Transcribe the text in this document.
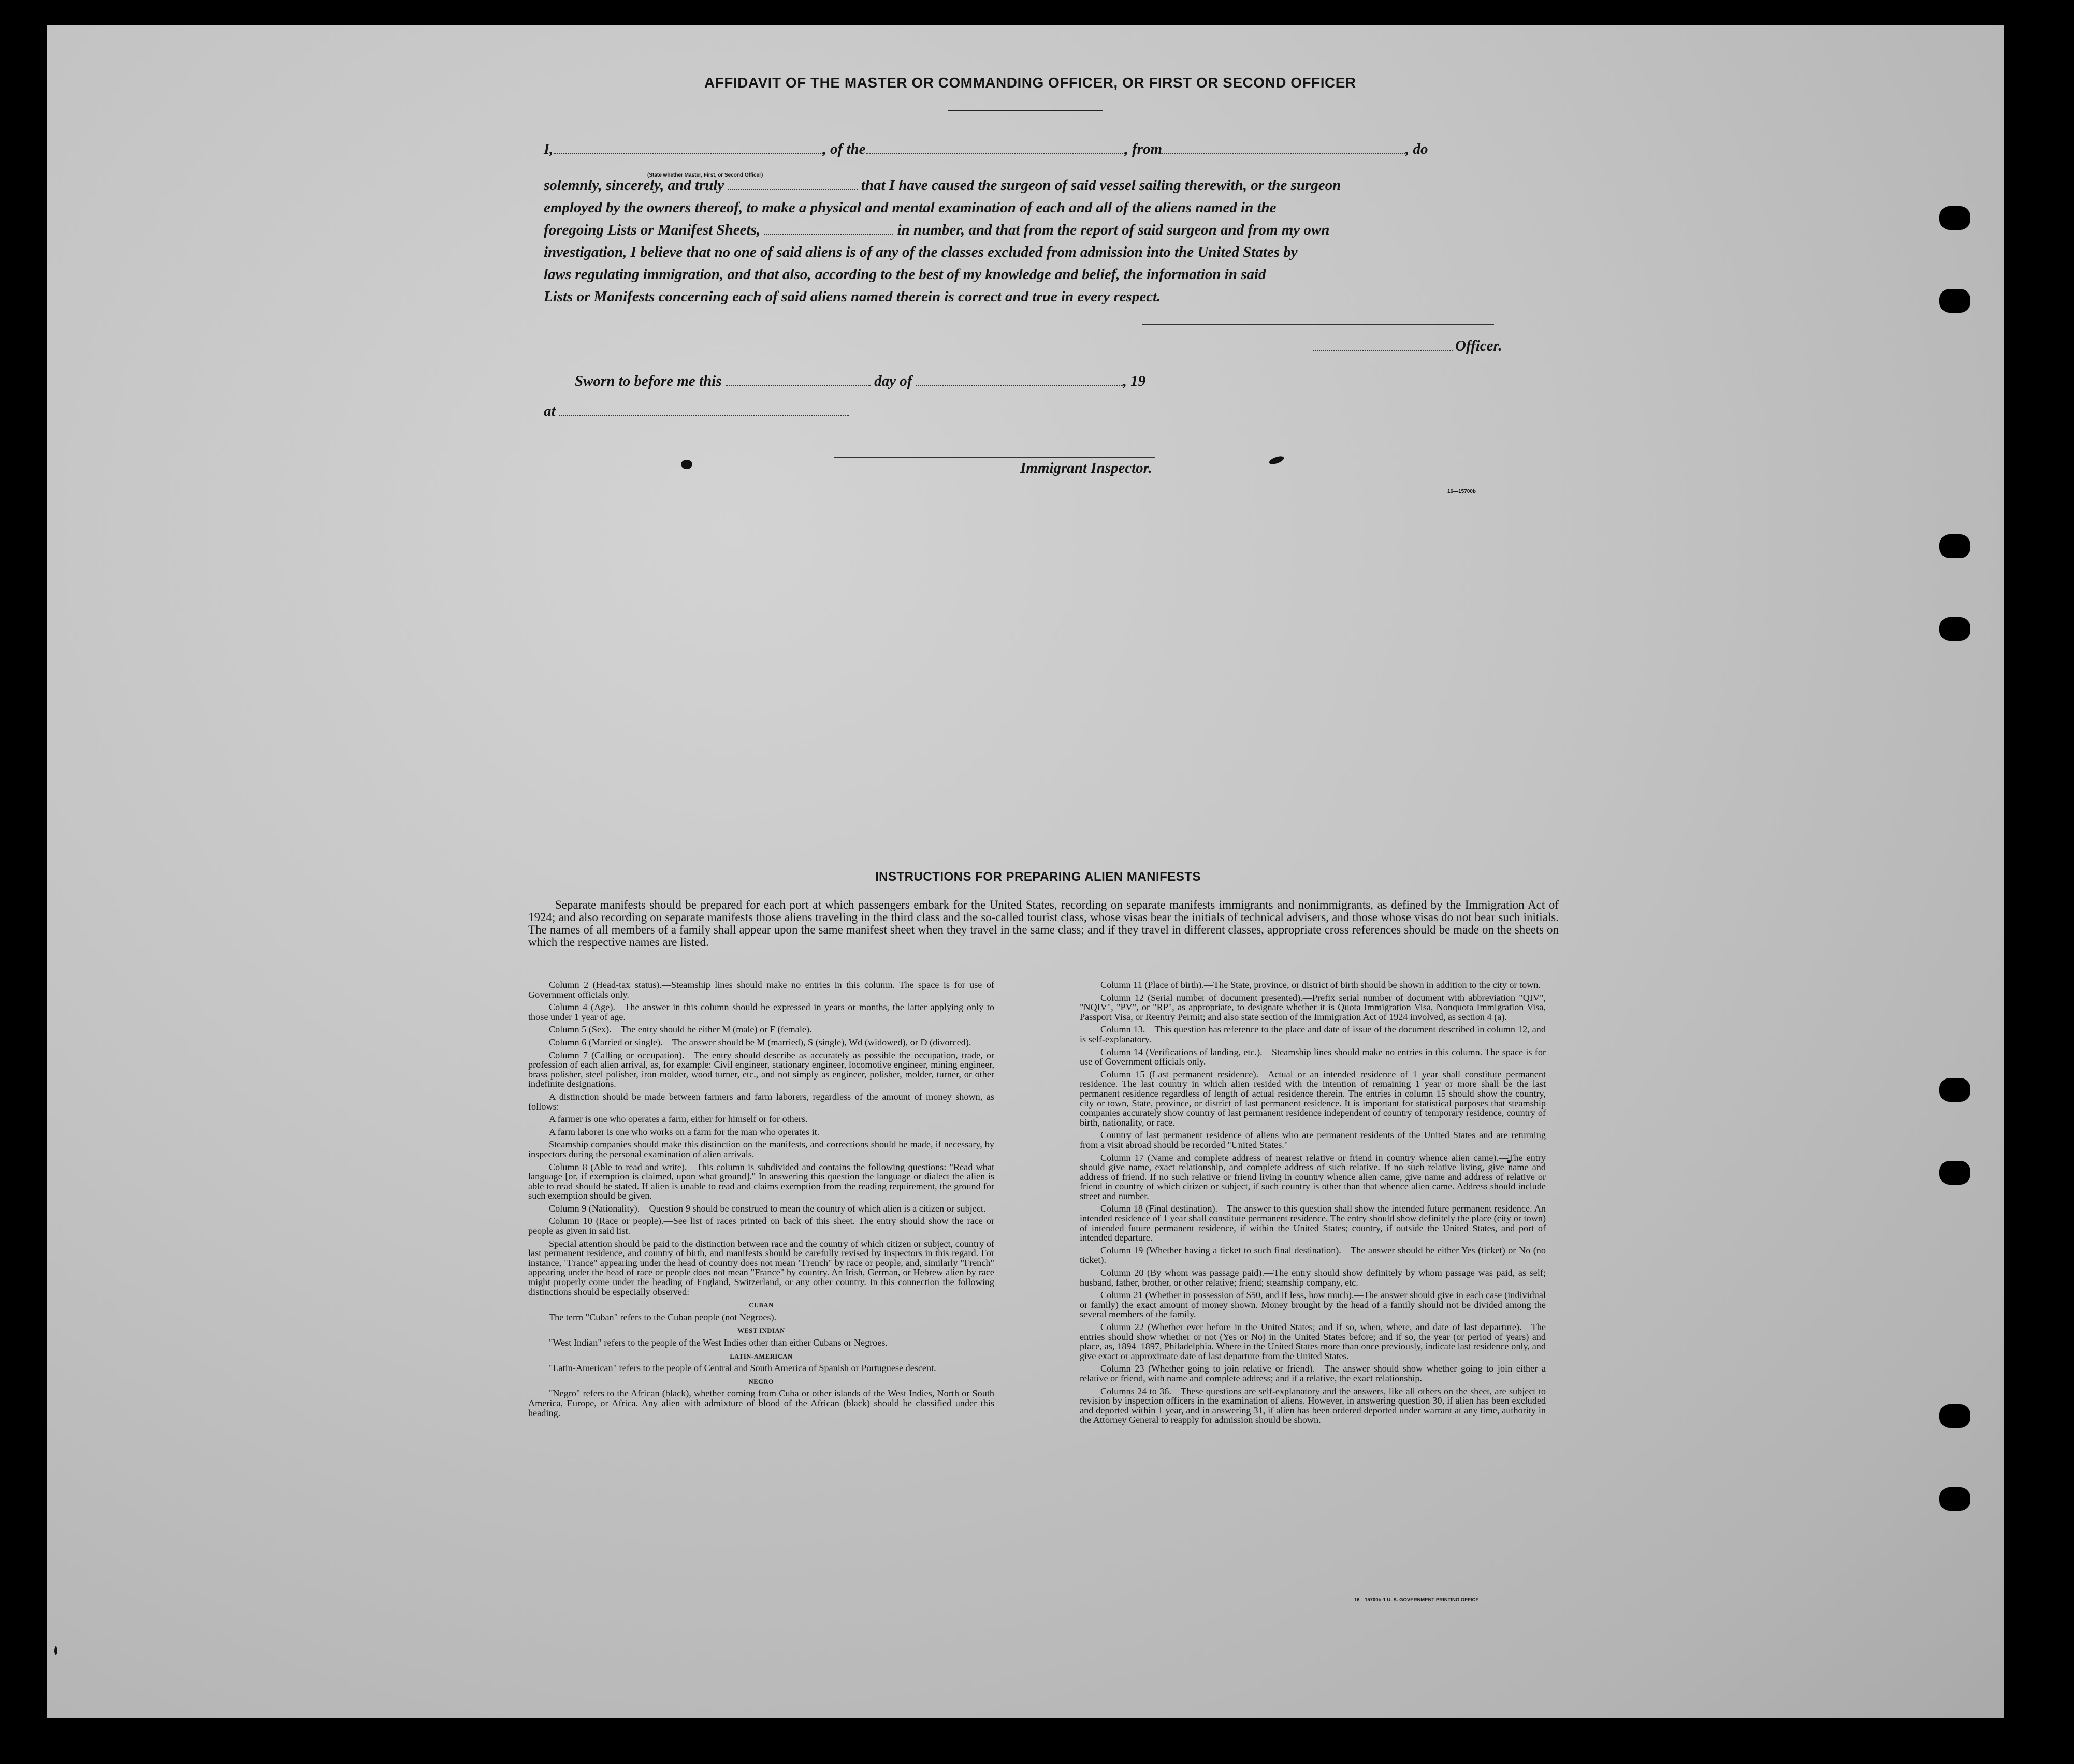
AFFIDAVIT OF THE MASTER OR COMMANDING OFFICER, OR FIRST OR SECOND OFFICER
I,	, of the	, from	, do
(State whether Master, First, or Second Officer)
solemnly, sincerely, and truly	that I have caused the surgeon of said vessel sailing therewith, or the surgeon
employed by the owners thereof, to make a physical and mental examination of each and all of the aliens named in the
foregoing Lists or Manifest Sheets,	in number, and that from the report of said surgeon and from my own
investigation, I believe that no one of said aliens is of any of the classes excluded from admission into the United States by
laws regulating immigration, and that also, according to the best of my knowledge and belief, the information in said
Lists or Manifests concerning each of said aliens named therein is correct and true in every respect.
Officer.
Sworn to before me this	day of	, 19
at
Immigrant Inspector.
16—15700b
INSTRUCTIONS FOR PREPARING ALIEN MANIFESTS

Separate manifests should be prepared for each port at which passengers embark for the United States, recording on separate manifests immigrants and nonimmigrants, as defined by the Immigration Act of 1924; and also recording on separate manifests those aliens traveling in the third class and the so-called tourist class, whose visas bear the initials of technical advisers, and those whose visas do not bear such initials. The names of all members of a family shall appear upon the same manifest sheet when they travel in the same class; and if they travel in different classes, appropriate cross references should be made on the sheets on which the respective names are listed.

Column 2 (Head-tax status).—Steamship lines should make no entries in this column. The space is for use of Government officials only.

Column 4 (Age).—The answer in this column should be expressed in years or months, the latter applying only to those under 1 year of age.

Column 5 (Sex).—The entry should be either M (male) or F (female).

Column 6 (Married or single).—The answer should be M (married), S (single), Wd (widowed), or D (divorced).

Column 7 (Calling or occupation).—The entry should describe as accurately as possible the occupation, trade, or profession of each alien arrival, as, for example: Civil engineer, stationary engineer, locomotive engineer, mining engineer, brass polisher, steel polisher, iron molder, wood turner, etc., and not simply as engineer, polisher, molder, turner, or other indefinite designations.

A distinction should be made between farmers and farm laborers, regardless of the amount of money shown, as follows:

A farmer is one who operates a farm, either for himself or for others.

A farm laborer is one who works on a farm for the man who operates it.

Steamship companies should make this distinction on the manifests, and corrections should be made, if necessary, by inspectors during the personal examination of alien arrivals.

Column 8 (Able to read and write).—This column is subdivided and contains the following questions: "Read what language [or, if exemption is claimed, upon what ground]." In answering this question the language or dialect the alien is able to read should be stated. If alien is unable to read and claims exemption from the reading requirement, the ground for such exemption should be given.

Column 9 (Nationality).—Question 9 should be construed to mean the country of which alien is a citizen or subject.

Column 10 (Race or people).—See list of races printed on back of this sheet. The entry should show the race or people as given in said list.

Special attention should be paid to the distinction between race and the country of which citizen or subject, country of last permanent residence, and country of birth, and manifests should be carefully revised by inspectors in this regard. For instance, "France" appearing under the head of country does not mean "French" by race or people, and, similarly "French" appearing under the head of race or people does not mean "France" by country. An Irish, German, or Hebrew alien by race might properly come under the heading of England, Switzerland, or any other country. In this connection the following distinctions should be especially observed:

CUBAN

The term "Cuban" refers to the Cuban people (not Negroes).

WEST INDIAN

"West Indian" refers to the people of the West Indies other than either Cubans or Negroes.

LATIN-AMERICAN

"Latin-American" refers to the people of Central and South America of Spanish or Portuguese descent.

NEGRO

"Negro" refers to the African (black), whether coming from Cuba or other islands of the West Indies, North or South America, Europe, or Africa. Any alien with admixture of blood of the African (black) should be classified under this heading.

Column 11 (Place of birth).—The State, province, or district of birth should be shown in addition to the city or town.

Column 12 (Serial number of document presented).—Prefix serial number of document with abbreviation "QIV", "NQIV", "PV", or "RP", as appropriate, to designate whether it is Quota Immigration Visa, Nonquota Immigration Visa, Passport Visa, or Reentry Permit; and also state section of the Immigration Act of 1924 involved, as section 4 (a).

Column 13.—This question has reference to the place and date of issue of the document described in column 12, and is self-explanatory.

Column 14 (Verifications of landing, etc.).—Steamship lines should make no entries in this column. The space is for use of Government officials only.

Column 15 (Last permanent residence).—Actual or an intended residence of 1 year shall constitute permanent residence. The last country in which alien resided with the intention of remaining 1 year or more shall be the last permanent residence regardless of length of actual residence therein. The entries in column 15 should show the country, city or town, State, province, or district of last permanent residence. It is important for statistical purposes that steamship companies accurately show country of last permanent residence independent of country of temporary residence, country of birth, nationality, or race.

Country of last permanent residence of aliens who are permanent residents of the United States and are returning from a visit abroad should be recorded "United States."

Column 17 (Name and complete address of nearest relative or friend in country whence alien came).—The entry should give name, exact relationship, and complete address of such relative. If no such relative living, give name and address of friend. If no such relative or friend living in country whence alien came, give name and address of relative or friend in country of which citizen or subject, if such country is other than that whence alien came. Address should include street and number.

Column 18 (Final destination).—The answer to this question shall show the intended future permanent residence. An intended residence of 1 year shall constitute permanent residence. The entry should show definitely the place (city or town) of intended future permanent residence, if within the United States; country, if outside the United States, and port of intended departure.

Column 19 (Whether having a ticket to such final destination).—The answer should be either Yes (ticket) or No (no ticket).

Column 20 (By whom was passage paid).—The entry should show definitely by whom passage was paid, as self; husband, father, brother, or other relative; friend; steamship company, etc.

Column 21 (Whether in possession of $50, and if less, how much).—The answer should give in each case (individual or family) the exact amount of money shown. Money brought by the head of a family should not be divided among the several members of the family.

Column 22 (Whether ever before in the United States; and if so, when, where, and date of last departure).—The entries should show whether or not (Yes or No) in the United States before; and if so, the year (or period of years) and place, as, 1894–1897, Philadelphia. Where in the United States more than once previously, indicate last residence only, and give exact or approximate date of last departure from the United States.

Column 23 (Whether going to join relative or friend).—The answer should show whether going to join either a relative or friend, with name and complete address; and if a relative, the exact relationship.

Columns 24 to 36.—These questions are self-explanatory and the answers, like all others on the sheet, are subject to revision by inspection officers in the examination of aliens. However, in answering question 30, if alien has been excluded and deported within 1 year, and in answering 31, if alien has been ordered deported under warrant at any time, authority in the Attorney General to reapply for admission should be shown.

16—15700b-1 U. S. GOVERNMENT PRINTING OFFICE
